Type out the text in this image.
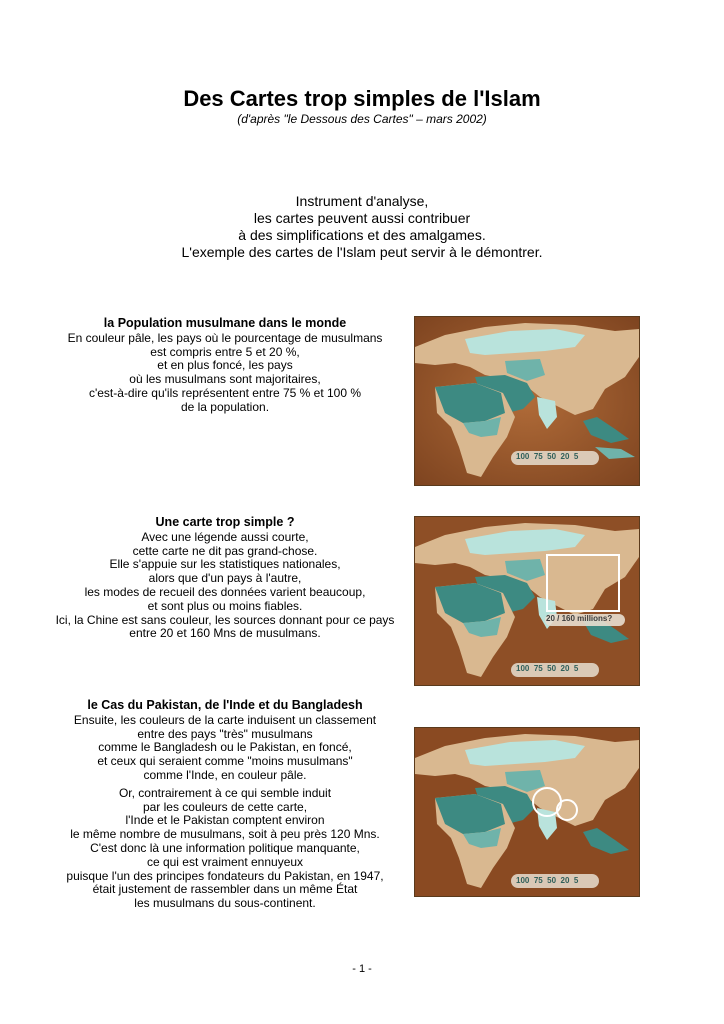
Des Cartes trop simples de l'Islam
(d'après "le Dessous des Cartes" – mars 2002)
Instrument d'analyse,
les cartes peuvent aussi contribuer
à des simplifications et des amalgames.
L'exemple des cartes de l'Islam peut servir à le démontrer.
la Population musulmane dans le monde
En couleur pâle, les pays où le pourcentage de musulmans
est compris entre 5 et 20 %,
et en plus foncé, les pays
où les musulmans sont majoritaires,
c'est-à-dire qu'ils représentent entre 75 % et 100 %
de la population.
Une carte trop simple ?
Avec une légende aussi courte,
cette carte ne dit pas grand-chose.
Elle s'appuie sur les statistiques nationales,
alors que d'un pays à l'autre,
les modes de recueil des données varient beaucoup,
et sont plus ou moins fiables.
Ici, la Chine est sans couleur, les sources donnant pour ce pays
entre 20 et 160 Mns de musulmans.
le Cas du Pakistan, de l'Inde et du Bangladesh
Ensuite, les couleurs de la carte induisent un classement
entre des pays "très" musulmans
comme le Bangladesh ou le Pakistan, en foncé,
et ceux qui seraient comme "moins musulmans"
comme l'Inde, en couleur pâle.
Or, contrairement à ce qui semble induit
par les couleurs de cette carte,
l'Inde et le Pakistan comptent environ
le même nombre de musulmans, soit à peu près 120 Mns.
C'est donc là une information politique manquante,
ce qui est vraiment ennuyeux
puisque l'un des principes fondateurs du Pakistan, en 1947,
était justement de rassembler dans un même État
les musulmans du sous-continent.
100 75 50 20 5
20 / 160 millions?
100 75 50 20 5
100 75 50 20 5
- 1 -
